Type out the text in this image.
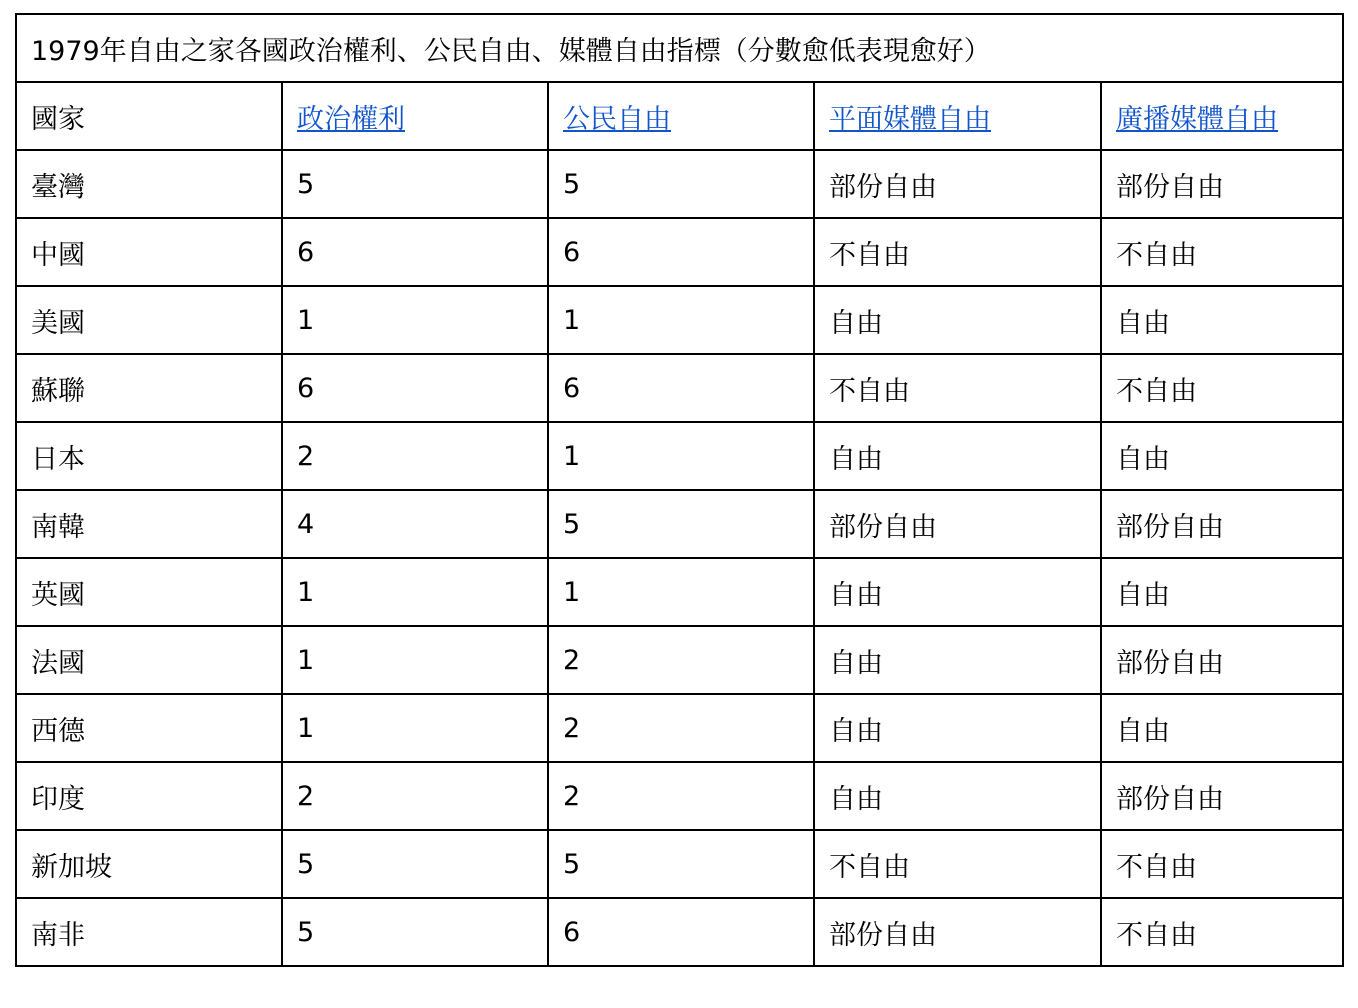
1979年自由之家各國政治權利、公民自由、媒體自由指標（分數愈低表現愈好）				
國家	政治權利	公民自由	平面媒體自由	廣播媒體自由
臺灣	5	5	部份自由	部份自由
中國	6	6	不自由	不自由
美國	1	1	自由	自由
蘇聯	6	6	不自由	不自由
日本	2	1	自由	自由
南韓	4	5	部份自由	部份自由
英國	1	1	自由	自由
法國	1	2	自由	部份自由
西德	1	2	自由	自由
印度	2	2	自由	部份自由
新加坡	5	5	不自由	不自由
南非	5	6	部份自由	不自由
